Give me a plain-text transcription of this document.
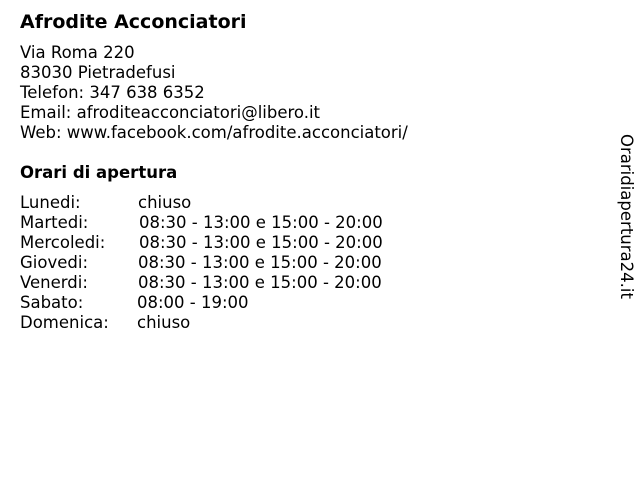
Afrodite Acconciatori
Via Roma 220
83030 Pietradefusi
Telefon: 347 638 6352
Email: afroditeacconciatori@libero.it
Web: www.facebook.com/afrodite.acconciatori/
Orari di apertura
Lunedi:	chiuso
Martedi:	08:30 - 13:00 e 15:00 - 20:00
Mercoledi: 08:30 - 13:00 e 15:00 - 20:00
Giovedi:	08:30 - 13:00 e 15:00 - 20:00
Venerdi:	08:30 - 13:00 e 15:00 - 20:00
Sabato:	08:00 - 19:00
Domenica: chiuso
Oraridiapertura24.it
